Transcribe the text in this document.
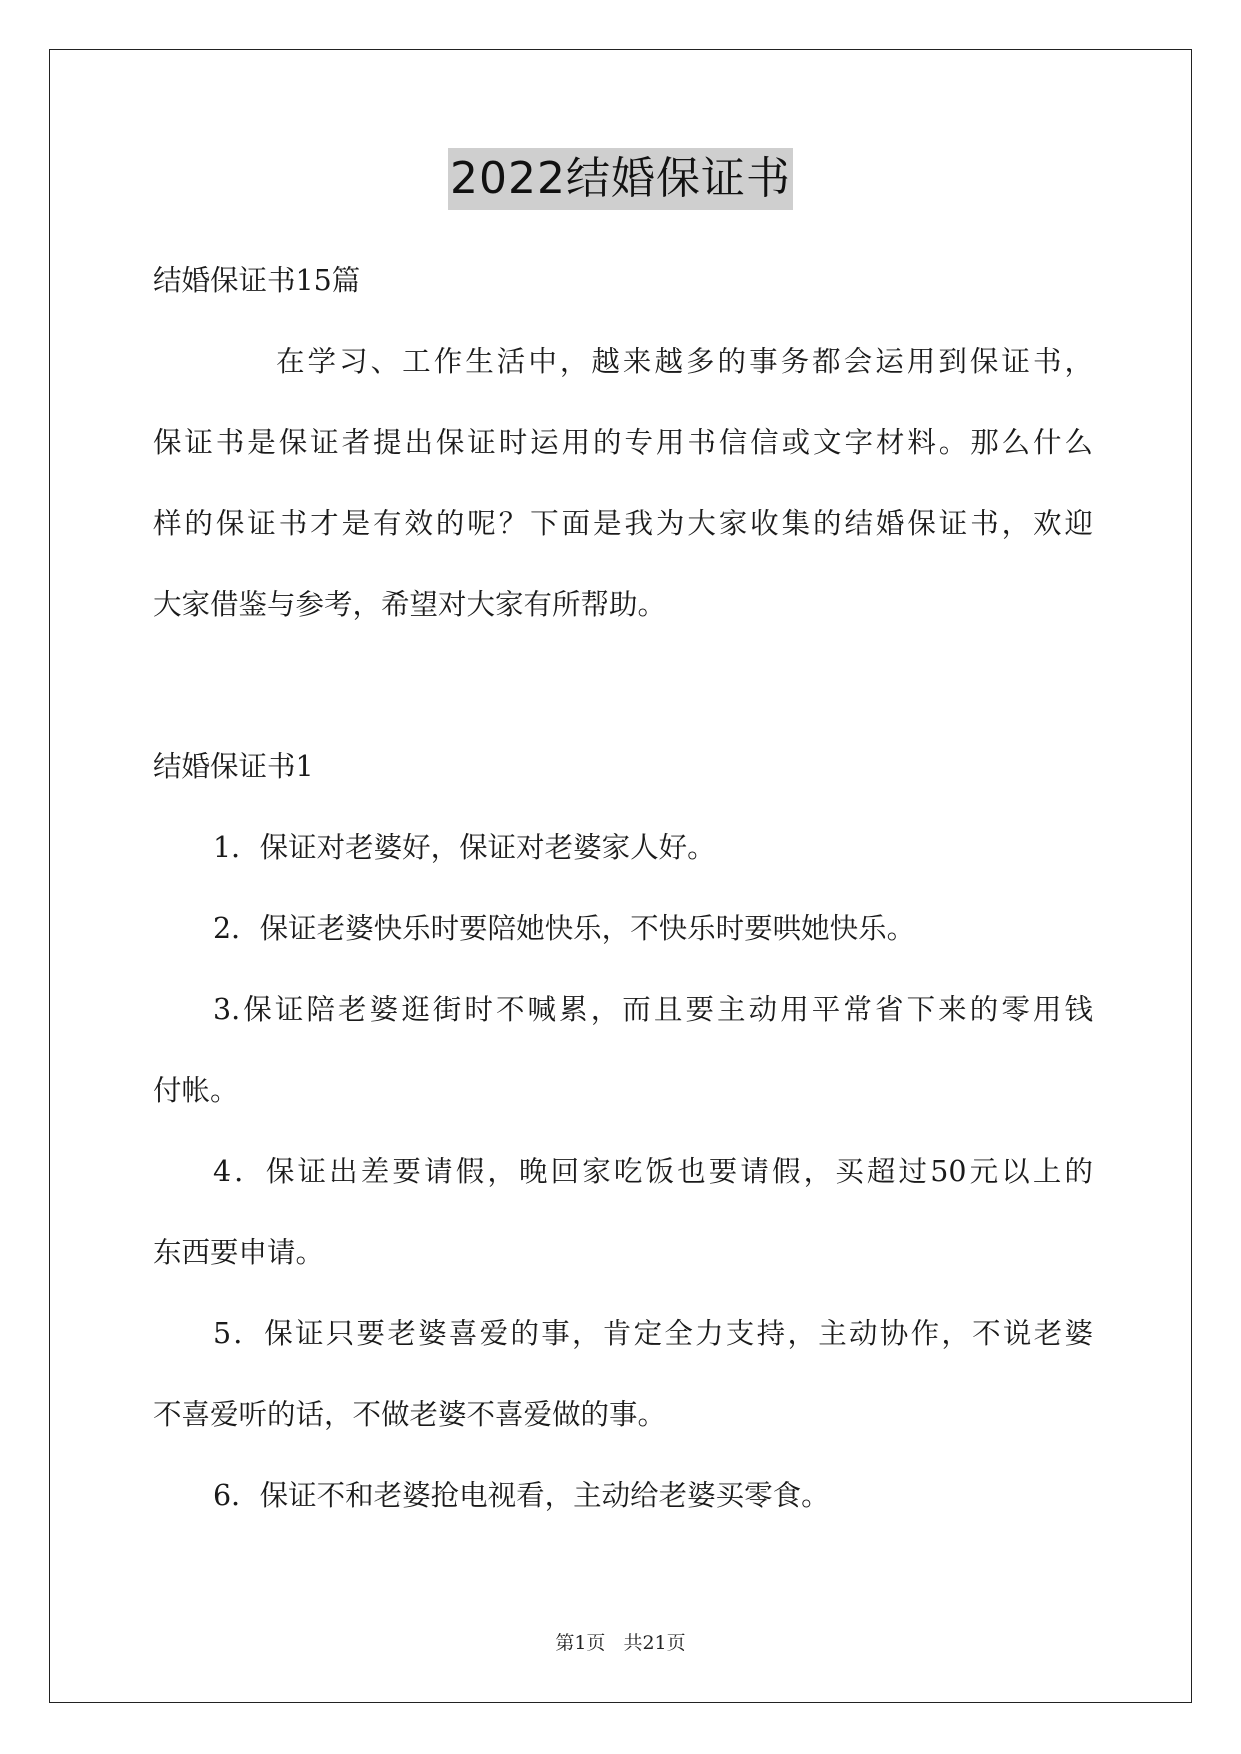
2022结婚保证书
结婚保证书15篇
在学习、工作生活中，越来越多的事务都会运用到保证书，
保证书是保证者提出保证时运用的专用书信信或文字材料。那么什么
样的保证书才是有效的呢？下面是我为大家收集的结婚保证书，欢迎
大家借鉴与参考，希望对大家有所帮助。
结婚保证书1
1．保证对老婆好，保证对老婆家人好。
2．保证老婆快乐时要陪她快乐，不快乐时要哄她快乐。
3.保证陪老婆逛街时不喊累，而且要主动用平常省下来的零用钱
付帐。
4．保证出差要请假，晚回家吃饭也要请假，买超过50元以上的
东西要申请。
5．保证只要老婆喜爱的事，肯定全力支持，主动协作，不说老婆
不喜爱听的话，不做老婆不喜爱做的事。
6．保证不和老婆抢电视看，主动给老婆买零食。
第1页 共21页
